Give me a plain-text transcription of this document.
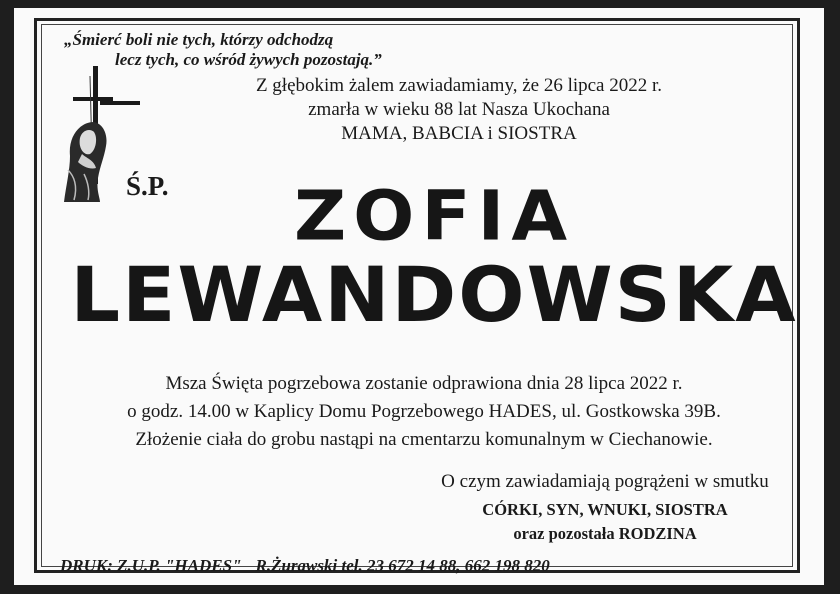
„Śmierć boli nie tych, którzy odchodzą
lecz tych, co wśród żywych pozostają.”
Ś.P.
Z głębokim żalem zawiadamiamy, że 26 lipca 2022 r.
zmarła w wieku 88 lat Nasza Ukochana
MAMA, BABCIA i SIOSTRA
ZOFIA
LEWANDOWSKA
Msza Święta pogrzebowa zostanie odprawiona dnia 28 lipca 2022 r.
o godz. 14.00 w Kaplicy Domu Pogrzebowego HADES, ul. Gostkowska 39B.
Złożenie ciała do grobu nastąpi na cmentarzu komunalnym w Ciechanowie.
O czym zawiadamiają pogrążeni w smutku
CÓRKI, SYN, WNUKI, SIOSTRA
oraz pozostała RODZINA
DRUK: Z.U.P. "HADES" R.Żurawski tel. 23 672 14 88, 662 198 820
